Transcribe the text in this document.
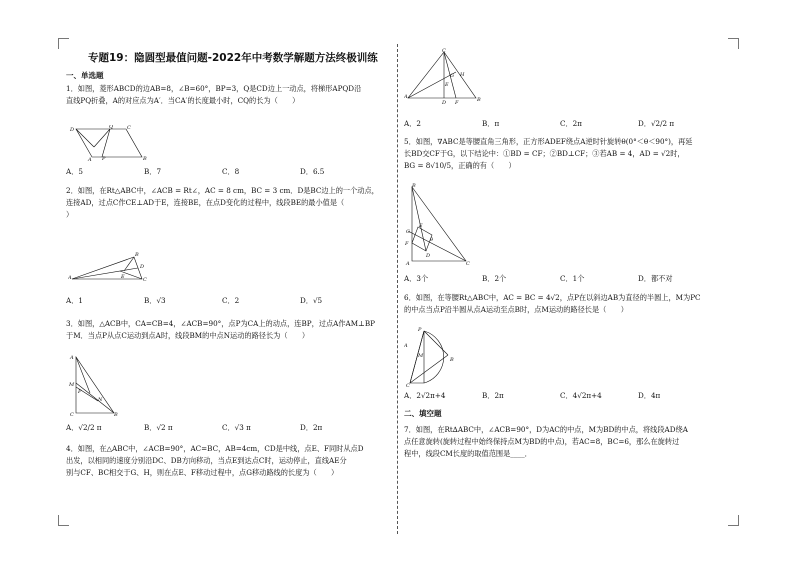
专题19：隐圆型最值问题-2022年中考数学解题方法终极训练

一、单选题

1．如图，菱形ABCD的边AB=8，∠B=60°，BP=3，Q是CD边上一动点，将梯形APQD沿

直线PQ折叠，A的对应点为A′．当CA′的长度最小时，CQ的长为（　　）

D	C
A	B
P
Q
A．5	B．7	C．8	D．6.5

2．如图，在Rt△ABC中，∠ACB = Rt∠，AC = 8 cm，BC = 3 cm．D是BC边上的一个动点，

连接AD，过点C作CE⊥AD于E，连接BE，在点D变化的过程中，线段BE的最小值是（

）

A	C
B
E
D
A．1	B．√3	C．2	D．√5

3．如图，△ACB中，CA=CB=4，∠ACB=90°，点P为CA上的动点，连BP，过点A作AM⊥BP

于M．当点P从点C运动到点A时，线段BM的中点N运动的路径长为（　　）

A
M
C	B
N
P
A．√2/2 π	B．√2 π	C．√3 π	D．2π

4．如图，在△ABC中，∠ACB=90°，AC=BC，AB=4cm，CD是中线，点E、F同时从点D

出发，以相同的速度分别沿DC、DB方向移动，当点E到达点C时，运动停止，直线AE分

别与CF、BC相交于G、H，则在点E、F移动过程中，点G移动路线的长度为（　　）

A	B
C
D F
E
G H
A．2	B．π	C．2π	D．√2/2 π

5．如图，∇ABC是等腰直角三角形，正方形ADEF绕点A逆时针旋转θ(0°＜θ＜90°)，再延

长BD交CF于G，以下结论中：①BD = CF；②BD⊥CF；③若AB = 4，AD = √2时，

BG = 8√10/5，正确的有（　　）

B
G
A	C
E
θ
F
D
A．3个	B．2个	C．1个	D．都不对

6．如图，在等腰Rt△ABC中，AC = BC = 4√2，点P在以斜边AB为直径的半圆上，M为PC

的中点当点P沿半圆从点A运动至点B时，点M运动的路径长是（　　）

P
A
C
B
M
A．2√2π+4	B．2π	C．4√2π+4	D．4π

二、填空题

7．如图，在Rt∆ABC中，∠ACB=90°，D为AC的中点，M为BD的中点，将线段AD绕A

点任意旋转(旋转过程中始终保持点M为BD的中点)，若AC=8，BC=6，那么在旋转过

程中，线段CM长度的取值范围是____．
